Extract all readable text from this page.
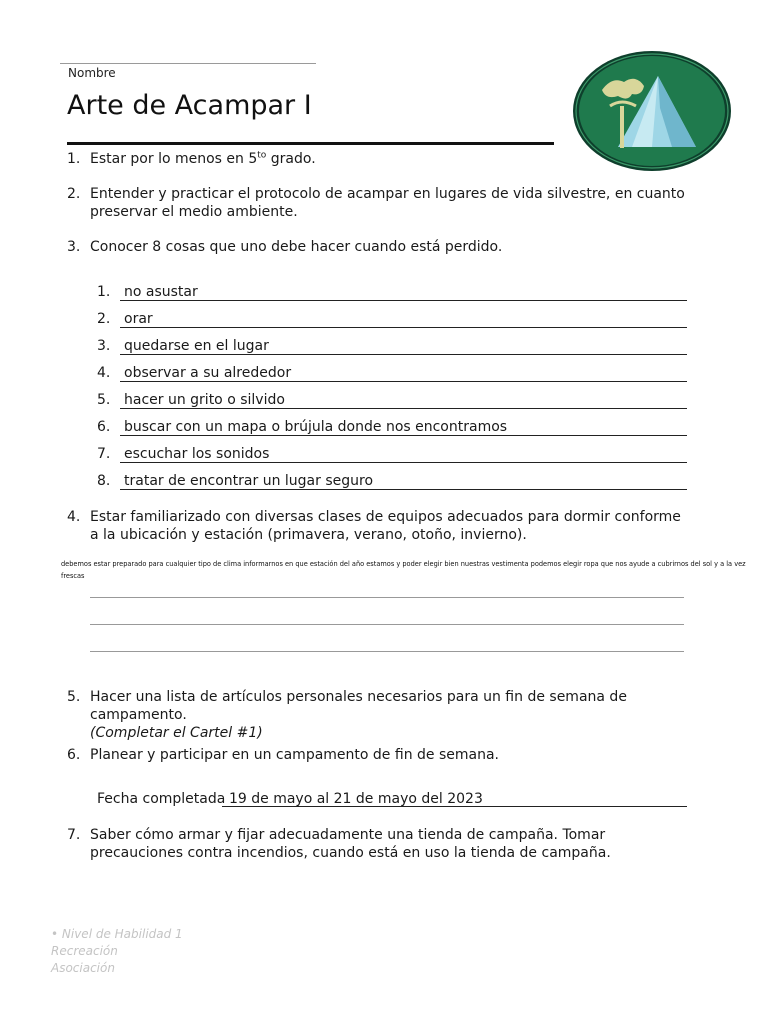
Nombre
Arte de Acampar I
1. Estar por lo menos en $5^{to}$ grado.
2. Entender y practicar el protocolo de acampar en lugares de vida silvestre, en cuanto preservar el medio ambiente.
3. Conocer 8 cosas que uno debe hacer cuando está perdido.
1. no asustar
2. orar
3. quedarse en el lugar
4. observar a su alrededor
5. hacer un grito o silvido
6. buscar con un mapa o brújula donde nos encontramos
7. escuchar los sonidos
8. tratar de encontrar un lugar seguro
4. Estar familiarizado con diversas clases de equipos adecuados para dormir conforme a la ubicación y estación (primavera, verano, otoño, invierno).
debemos estar preparado para cualquier tipo de clima informarnos en que estación del año estamos y poder elegir bien nuestras vestimenta podemos elegir ropa que nos ayude a cubrirnos del sol y a la vez frescas
5. Hacer una lista de artículos personales necesarios para un fin de semana de campamento.
(Completar el Cartel #1)
6. Planear y participar en un campamento de fin de semana.
Fecha completada 19 de mayo al 21 de mayo del 2023
7. Saber cómo armar y fijar adecuadamente una tienda de campaña. Tomar precauciones contra incendios, cuando está en uso la tienda de campaña.
• Nivel de Habilidad 1
Recreación
Asociación
